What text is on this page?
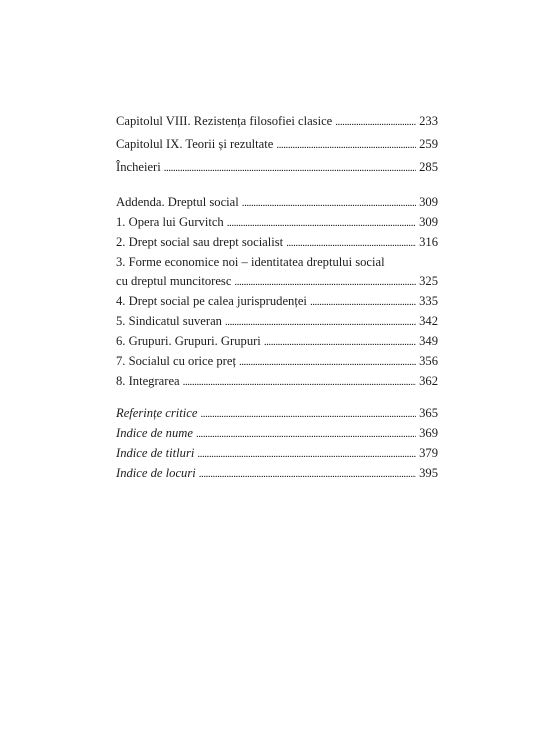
Capitolul VIII. Rezistența filosofiei clasice . . .	233
Capitolul IX. Teorii și rezultate . . .	259
Încheieri . . .	285
Addenda. Dreptul social . . .	309
1. Opera lui Gurvitch . . .	309
2. Drept social sau drept socialist . . .	316
3. Forme economice noi – identitatea dreptului social
cu dreptul muncitoresc . . .	325
4. Drept social pe calea jurisprudenței . . .	335
5. Sindicatul suveran . . .	342
6. Grupuri. Grupuri. Grupuri . . .	349
7. Socialul cu orice preț . . .	356
8. Integrarea . . .	362
Referințe critice . . .	365
Indice de nume . . .	369
Indice de titluri . . .	379
Indice de locuri . . .	395
